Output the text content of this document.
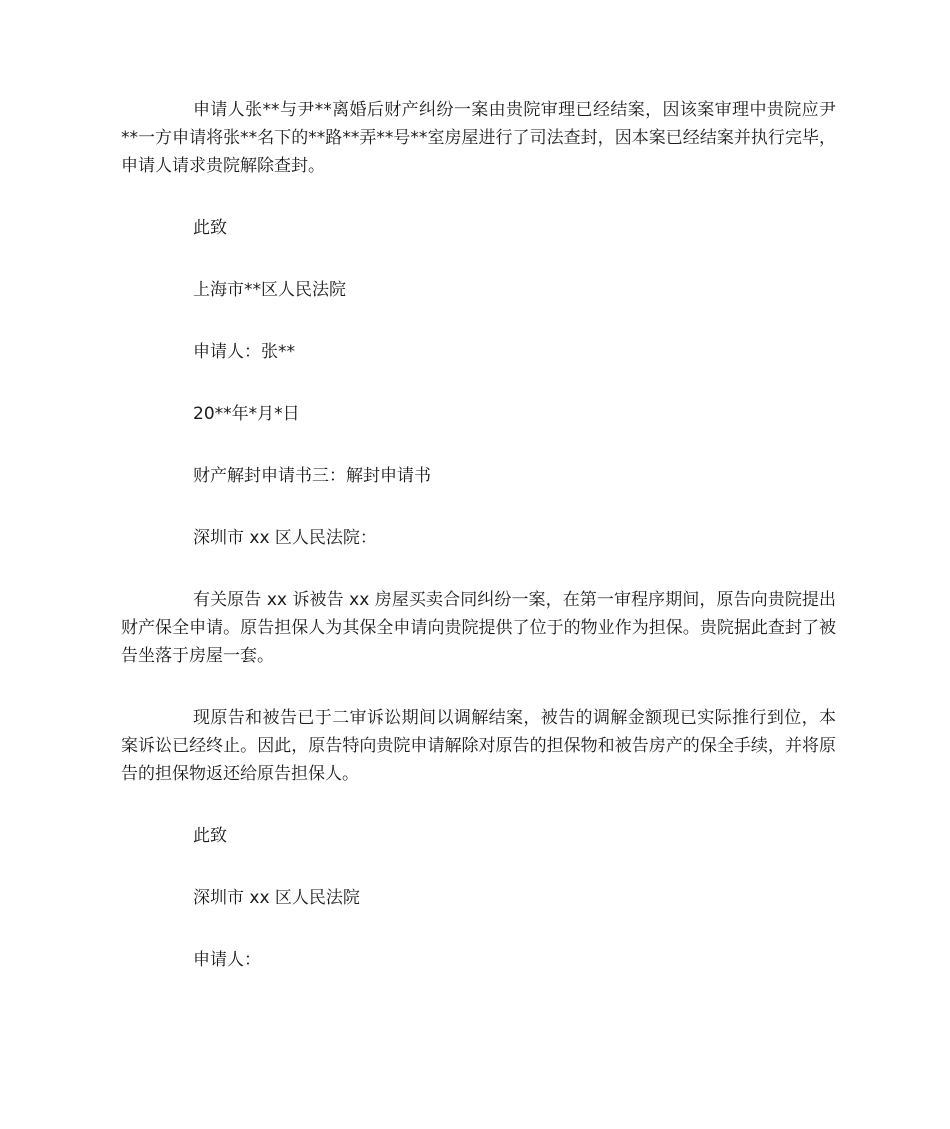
申请人张**与尹**离婚后财产纠纷一案由贵院审理已经结案，因该案审理中贵院应尹**一方申请将张**名下的**路**弄**号**室房屋进行了司法查封，因本案已经结案并执行完毕，申请人请求贵院解除查封。

此致

上海市**区人民法院

申请人：张**

20**年*月*日

财产解封申请书三：解封申请书

深圳市 xx 区人民法院：

有关原告 xx 诉被告 xx 房屋买卖合同纠纷一案，在第一审程序期间，原告向贵院提出财产保全申请。原告担保人为其保全申请向贵院提供了位于的物业作为担保。贵院据此查封了被告坐落于房屋一套。

现原告和被告已于二审诉讼期间以调解结案，被告的调解金额现已实际推行到位，本案诉讼已经终止。因此，原告特向贵院申请解除对原告的担保物和被告房产的保全手续，并将原告的担保物返还给原告担保人。

此致

深圳市 xx 区人民法院

申请人：
